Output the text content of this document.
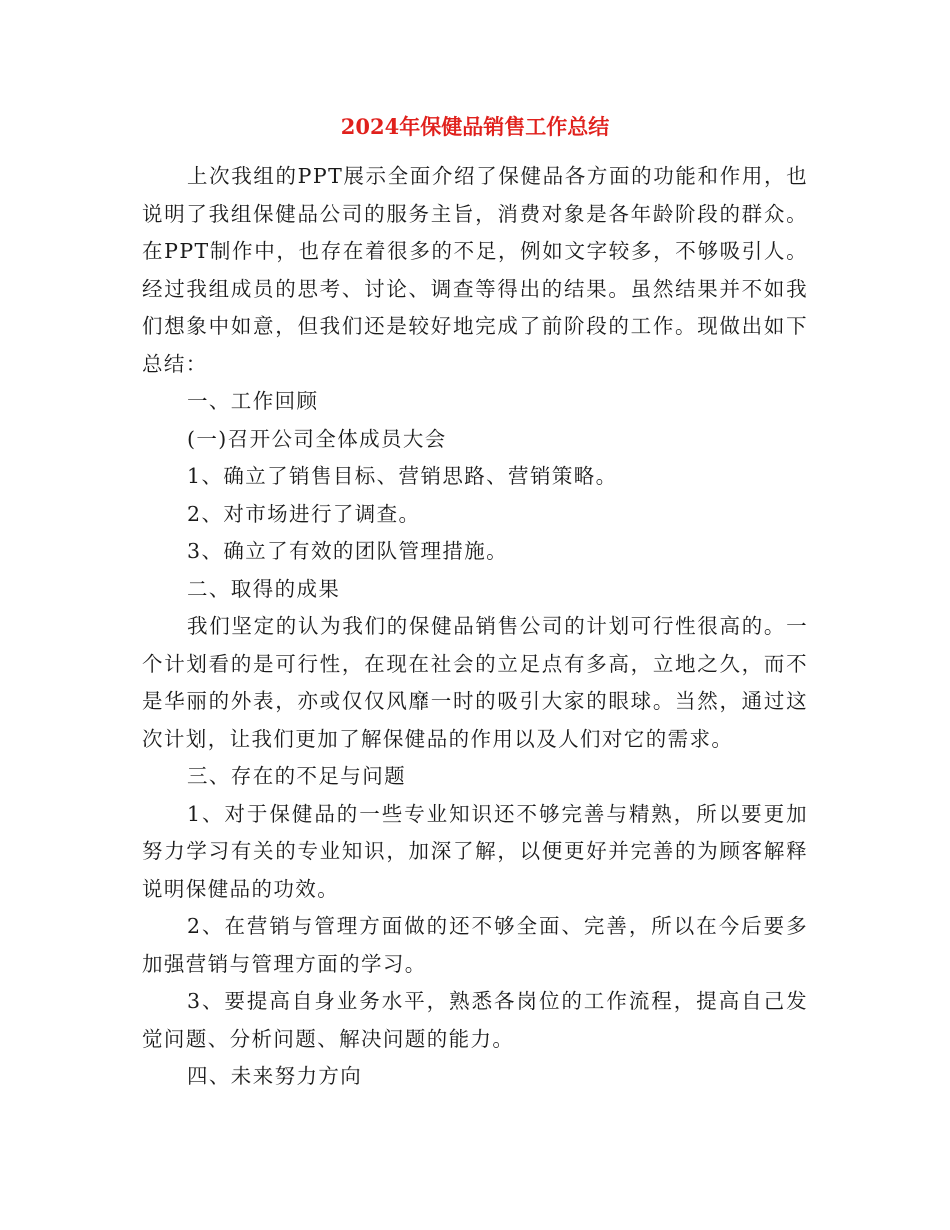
2024年保健品销售工作总结

上次我组的PPT展示全面介绍了保健品各方面的功能和作用，也说明了我组保健品公司的服务主旨，消费对象是各年龄阶段的群众。在PPT制作中，也存在着很多的不足，例如文字较多，不够吸引人。经过我组成员的思考、讨论、调查等得出的结果。虽然结果并不如我们想象中如意，但我们还是较好地完成了前阶段的工作。现做出如下总结：

一、工作回顾

(一)召开公司全体成员大会

1、确立了销售目标、营销思路、营销策略。

2、对市场进行了调查。

3、确立了有效的团队管理措施。

二、取得的成果

我们坚定的认为我们的保健品销售公司的计划可行性很高的。一个计划看的是可行性，在现在社会的立足点有多高，立地之久，而不是华丽的外表，亦或仅仅风靡一时的吸引大家的眼球。当然，通过这次计划，让我们更加了解保健品的作用以及人们对它的需求。

三、存在的不足与问题

1、对于保健品的一些专业知识还不够完善与精熟，所以要更加努力学习有关的专业知识，加深了解，以便更好并完善的为顾客解释说明保健品的功效。

2、在营销与管理方面做的还不够全面、完善，所以在今后要多加强营销与管理方面的学习。

3、要提高自身业务水平，熟悉各岗位的工作流程，提高自己发觉问题、分析问题、解决问题的能力。

四、未来努力方向
